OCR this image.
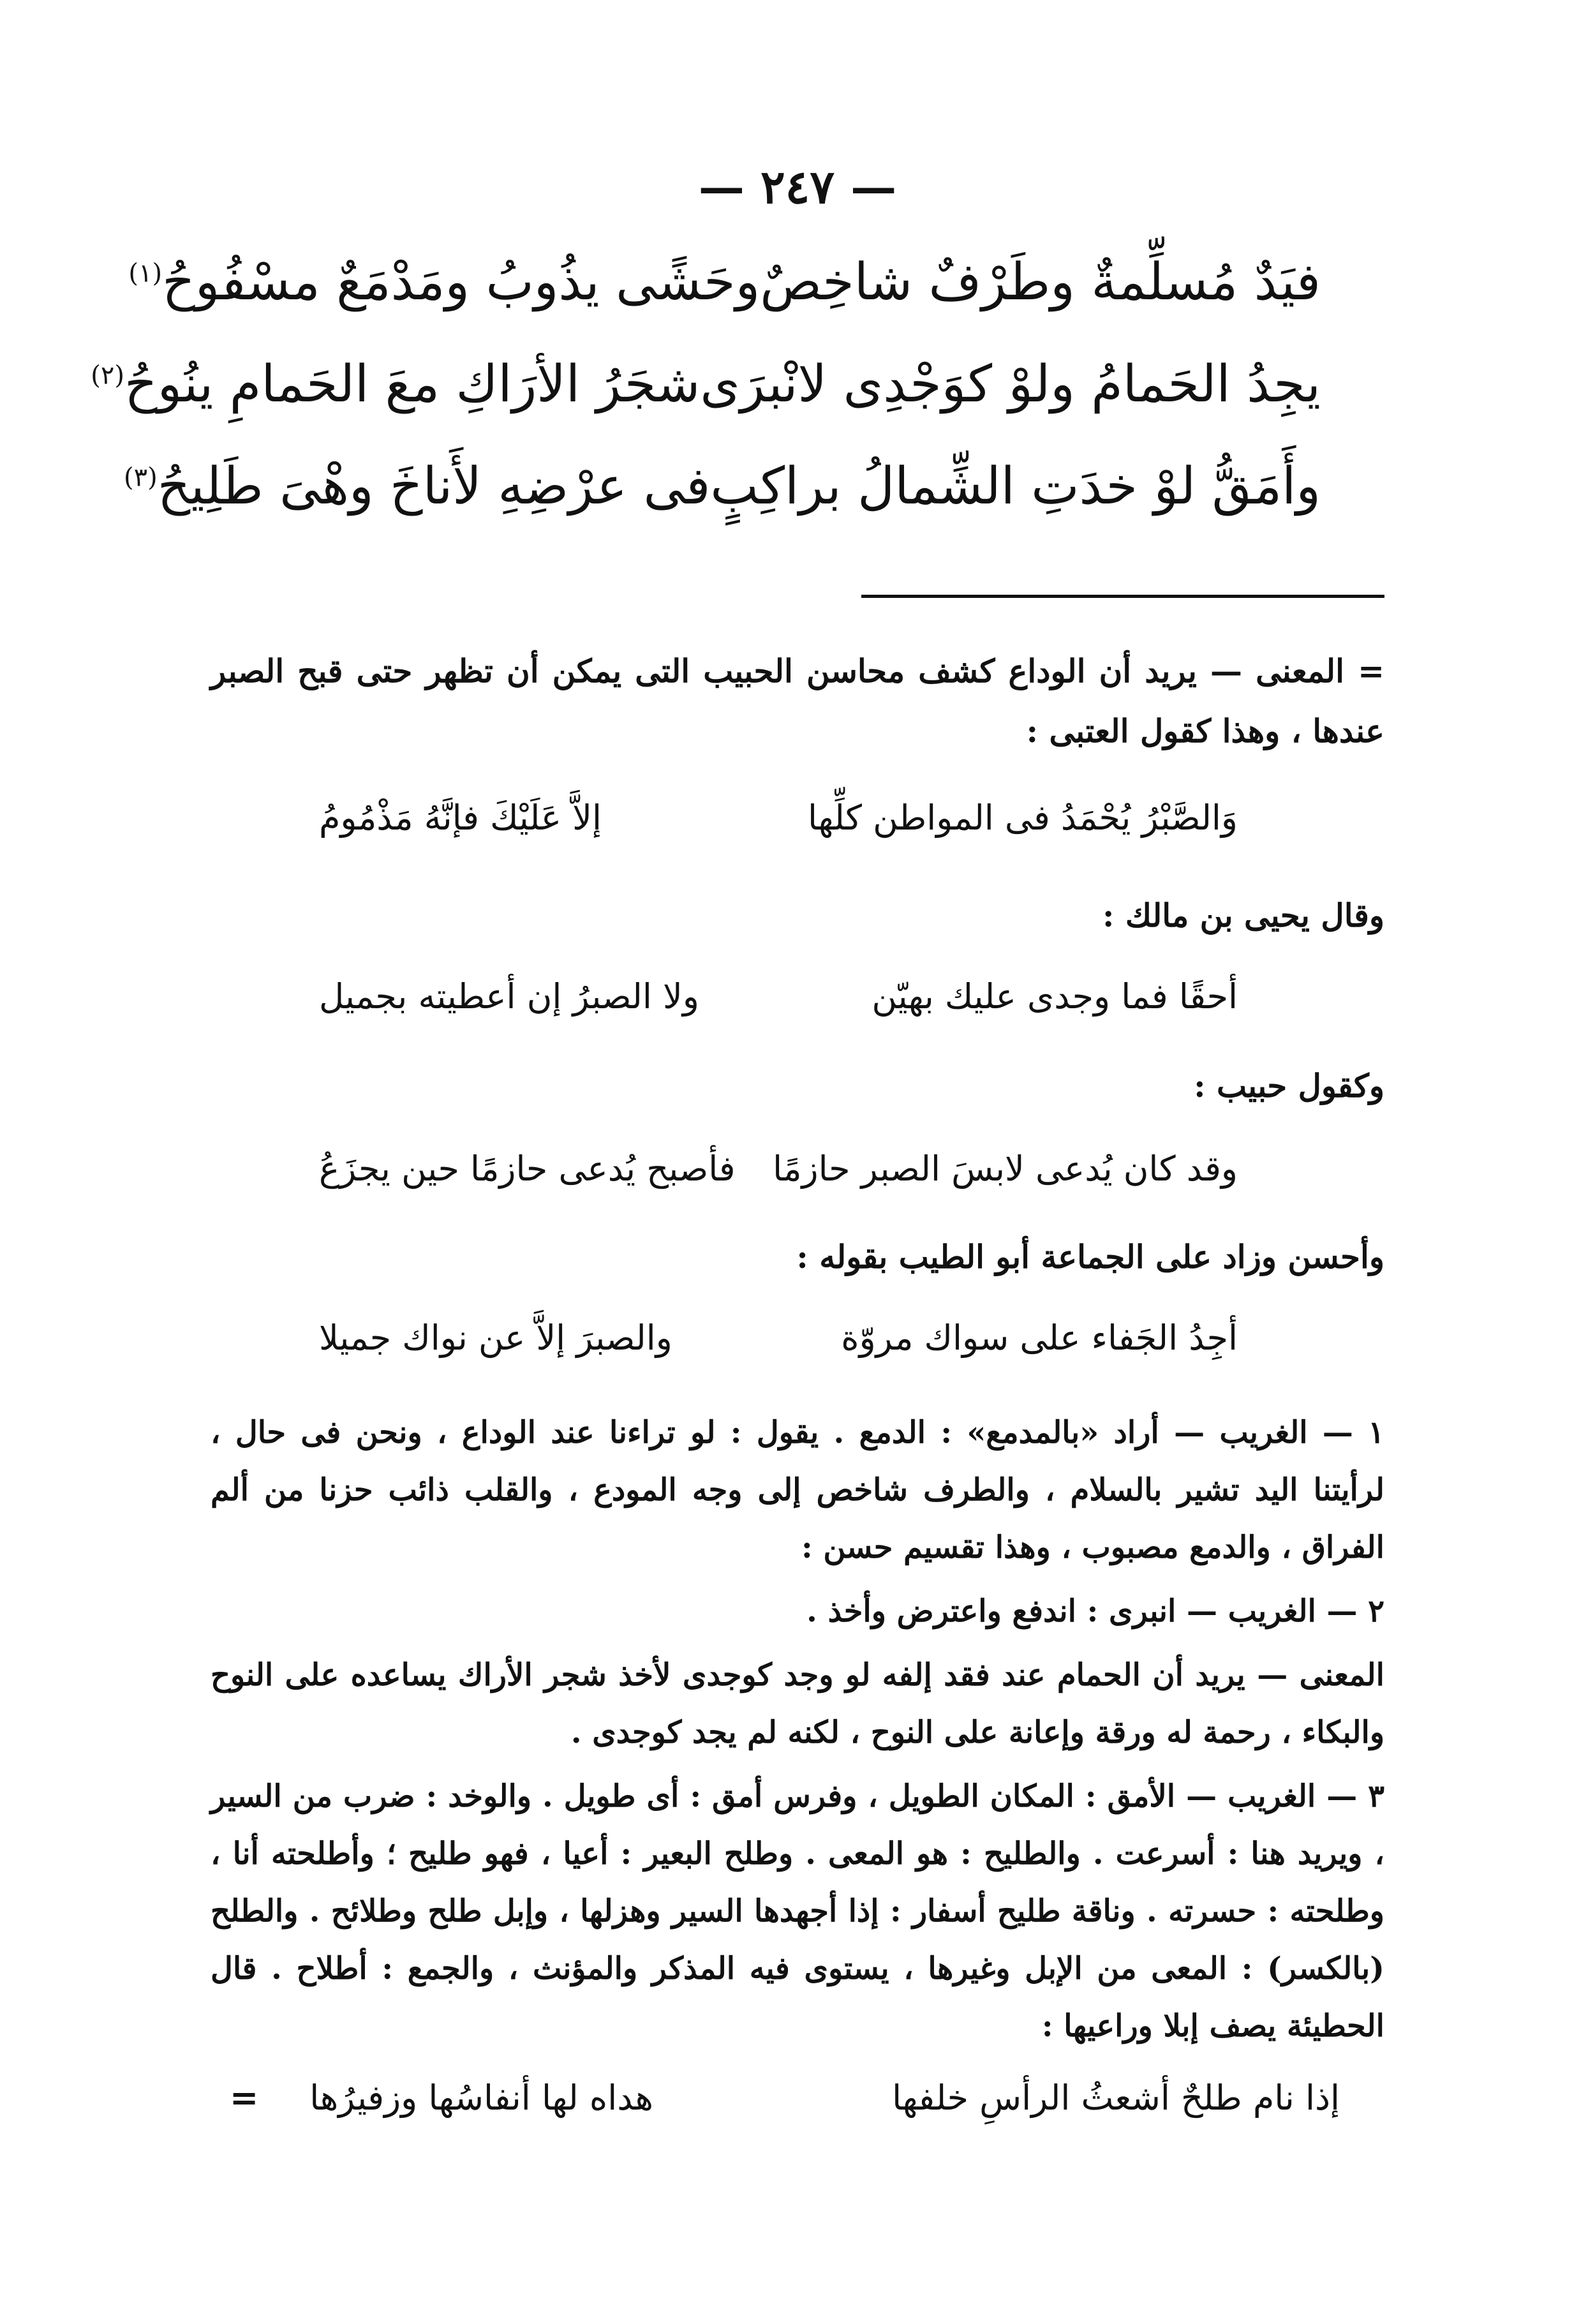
— ٢٤٧ —
فيَدٌ مُسلِّمةٌ وطَرْفٌ شاخِصٌ
وحَشًى يذُوبُ ومَدْمَعٌ مسْفُوحُ$^{(١)}$
يجِدُ الحَمامُ ولوْ كوَجْدِى لانْبرَى
شجَرُ الأرَاكِ معَ الحَمامِ ينُوحُ$^{(٢)}$
وأَمَقُّ لوْ خدَتِ الشِّمالُ براكِبٍ
فى عرْضِهِ لأَناخَ وهْىَ طَلِيحُ$^{(٣)}$
= المعنى — يريد أن الوداع كشف محاسن الحبيب التى يمكن أن تظهر حتى قبح الصبر عندها ، وهذا كقول العتبى :
وَالصَّبْرُ يُحْمَدُ فى المواطن كلِّها
إلاَّ عَلَيْكَ فإنَّهُ مَذْمُومُ
وقال يحيى بن مالك :
أحقًا فما وجدى عليك بهيّن
ولا الصبرُ إن أعطيته بجميل
وكقول حبيب :
وقد كان يُدعى لابسَ الصبر حازمًا
فأصبح يُدعى حازمًا حين يجزَعُ
وأحسن وزاد على الجماعة أبو الطيب بقوله :
أجِدُ الجَفاء على سواك مروّة
والصبرَ إلاَّ عن نواك جميلا
١ — الغريب — أراد «بالمدمع» : الدمع . يقول : لو تراءنا عند الوداع ، ونحن فى حال ، لرأيتنا اليد تشير بالسلام ، والطرف شاخص إلى وجه المودع ، والقلب ذائب حزنا من ألم الفراق ، والدمع مصبوب ، وهذا تقسيم حسن :
٢ — الغريب — انبرى : اندفع واعترض وأخذ .
المعنى — يريد أن الحمام عند فقد إلفه لو وجد كوجدى لأخذ شجر الأراك يساعده على النوح والبكاء ، رحمة له ورقة وإعانة على النوح ، لكنه لم يجد كوجدى .
٣ — الغريب — الأمق : المكان الطويل ، وفرس أمق : أى طويل . والوخد : ضرب من السير ، ويريد هنا : أسرعت . والطليح : هو المعى . وطلح البعير : أعيا ، فهو طليح ؛ وأطلحته أنا ، وطلحته : حسرته . وناقة طليح أسفار : إذا أجهدها السير وهزلها ، وإبل طلح وطلائح . والطلح (بالكسر) : المعى من الإبل وغيرها ، يستوى فيه المذكر والمؤنث ، والجمع : أطلاح . قال الحطيئة يصف إبلا وراعيها :
إذا نام طلحٌ أشعثُ الرأسِ خلفها
هداه لها أنفاسُها وزفيرُها=
